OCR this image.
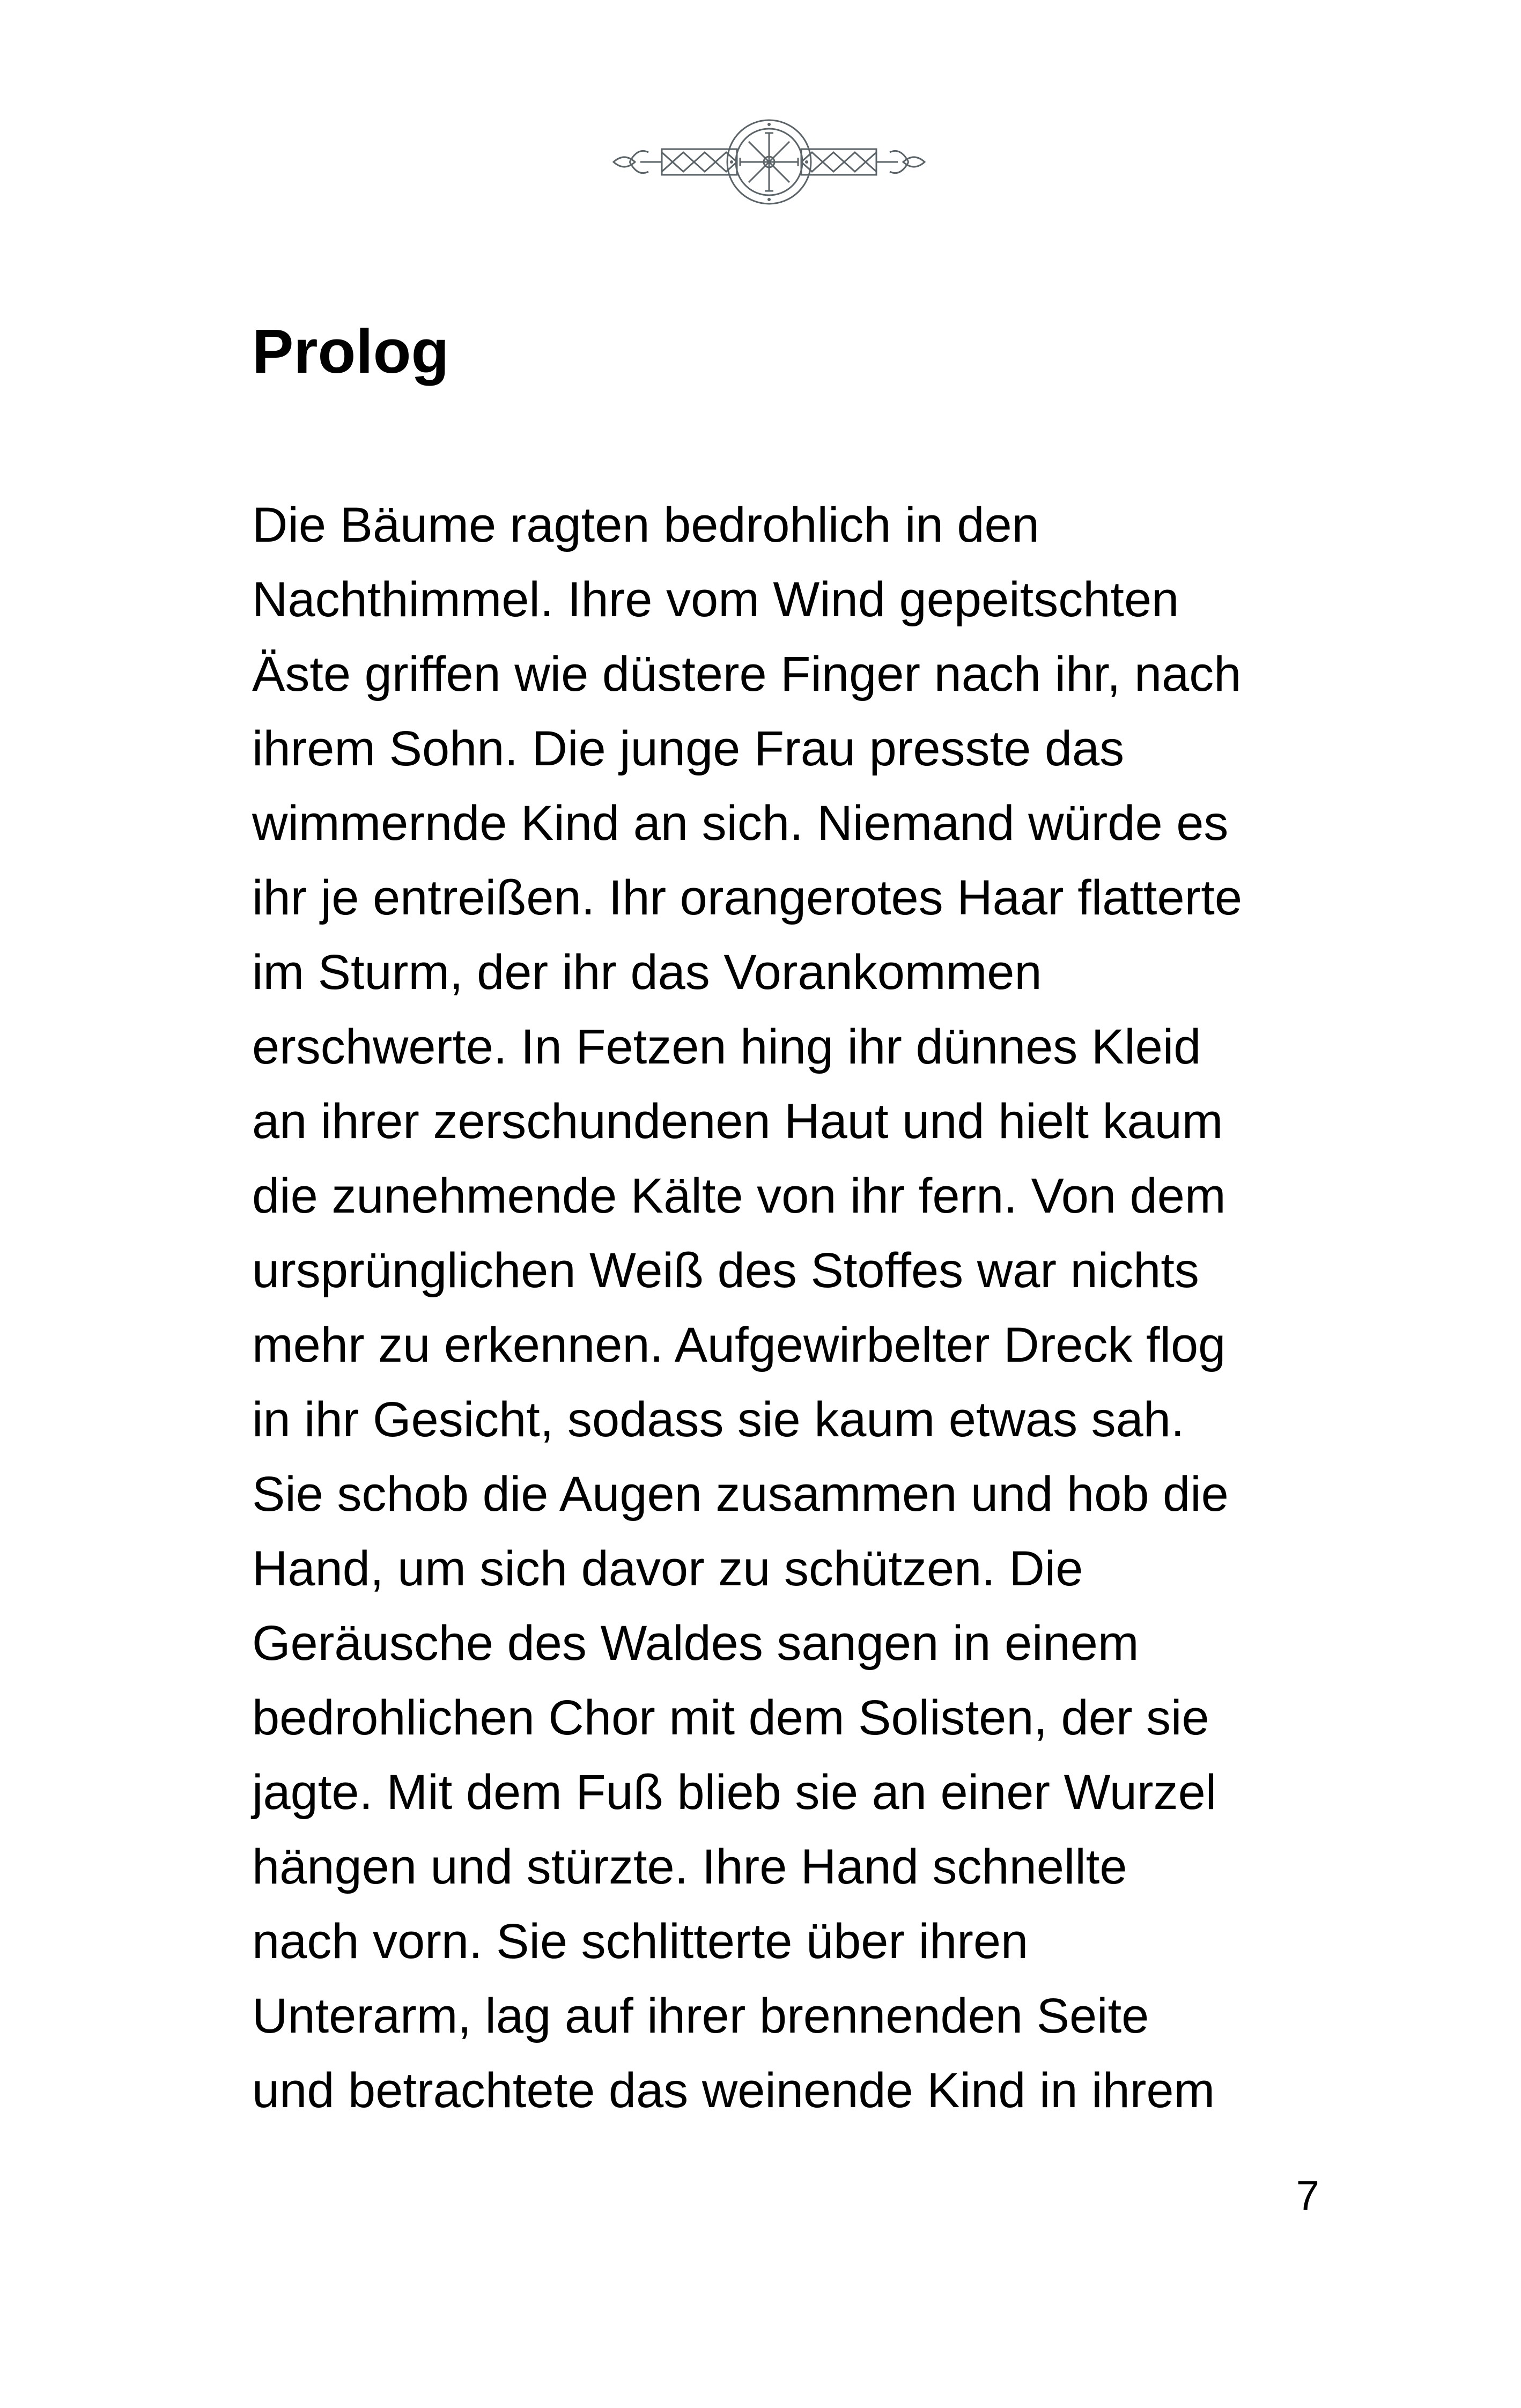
Prolog
Die Bäume ragten bedrohlich in den
Nachthimmel. Ihre vom Wind gepeitschten
Äste griffen wie düstere Finger nach ihr, nach
ihrem Sohn. Die junge Frau presste das
wimmernde Kind an sich. Niemand würde es
ihr je entreißen. Ihr orangerotes Haar flatterte
im Sturm, der ihr das Vorankommen
erschwerte. In Fetzen hing ihr dünnes Kleid
an ihrer zerschundenen Haut und hielt kaum
die zunehmende Kälte von ihr fern. Von dem
ursprünglichen Weiß des Stoffes war nichts
mehr zu erkennen. Aufgewirbelter Dreck flog
in ihr Gesicht, sodass sie kaum etwas sah.
Sie schob die Augen zusammen und hob die
Hand, um sich davor zu schützen. Die
Geräusche des Waldes sangen in einem
bedrohlichen Chor mit dem Solisten, der sie
jagte. Mit dem Fuß blieb sie an einer Wurzel
hängen und stürzte. Ihre Hand schnellte
nach vorn. Sie schlitterte über ihren
Unterarm, lag auf ihrer brennenden Seite
und betrachtete das weinende Kind in ihrem
7
